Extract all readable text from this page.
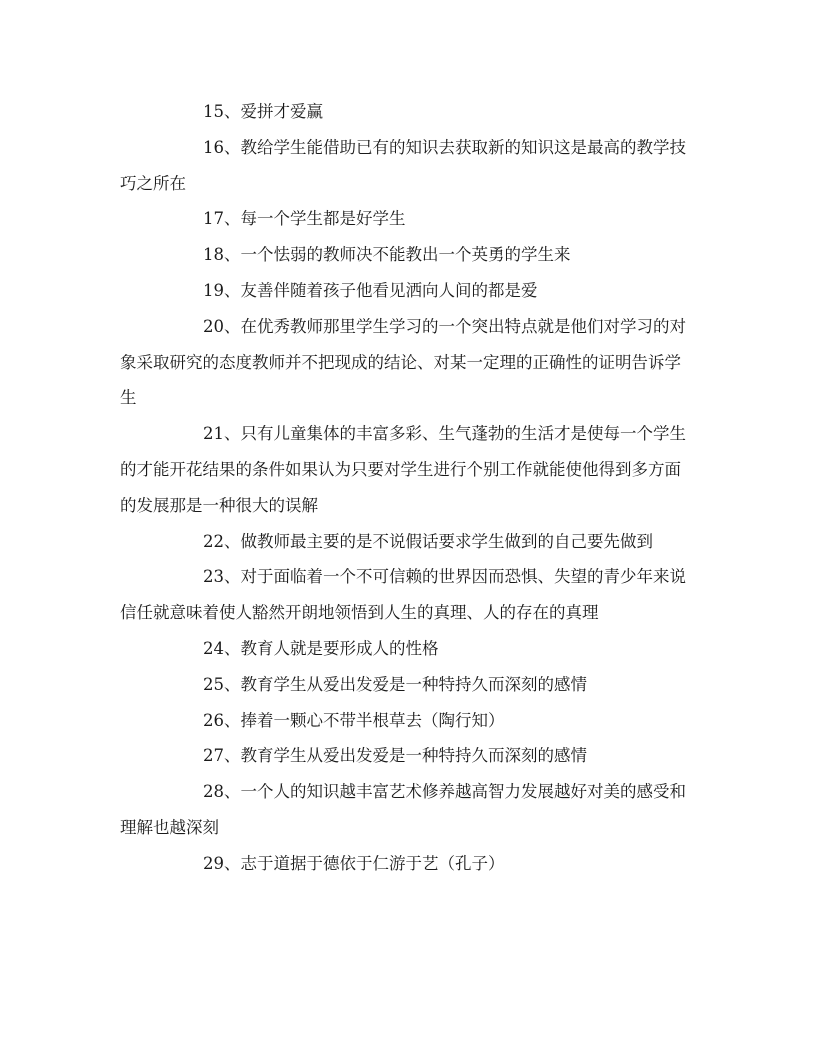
15、爱拼才爱赢

16、教给学生能借助已有的知识去获取新的知识这是最高的教学技巧之所在

17、每一个学生都是好学生

18、一个怯弱的教师决不能教出一个英勇的学生来

19、友善伴随着孩子他看见洒向人间的都是爱

20、在优秀教师那里学生学习的一个突出特点就是他们对学习的对象采取研究的态度教师并不把现成的结论、对某一定理的正确性的证明告诉学生

21、只有儿童集体的丰富多彩、生气蓬勃的生活才是使每一个学生的才能开花结果的条件如果认为只要对学生进行个别工作就能使他得到多方面的发展那是一种很大的误解

22、做教师最主要的是不说假话要求学生做到的自己要先做到

23、对于面临着一个不可信赖的世界因而恐惧、失望的青少年来说信任就意味着使人豁然开朗地领悟到人生的真理、人的存在的真理

24、教育人就是要形成人的性格

25、教育学生从爱出发爱是一种特持久而深刻的感情

26、捧着一颗心不带半根草去（陶行知）

27、教育学生从爱出发爱是一种特持久而深刻的感情

28、一个人的知识越丰富艺术修养越高智力发展越好对美的感受和理解也越深刻

29、志于道据于德依于仁游于艺（孔子）
